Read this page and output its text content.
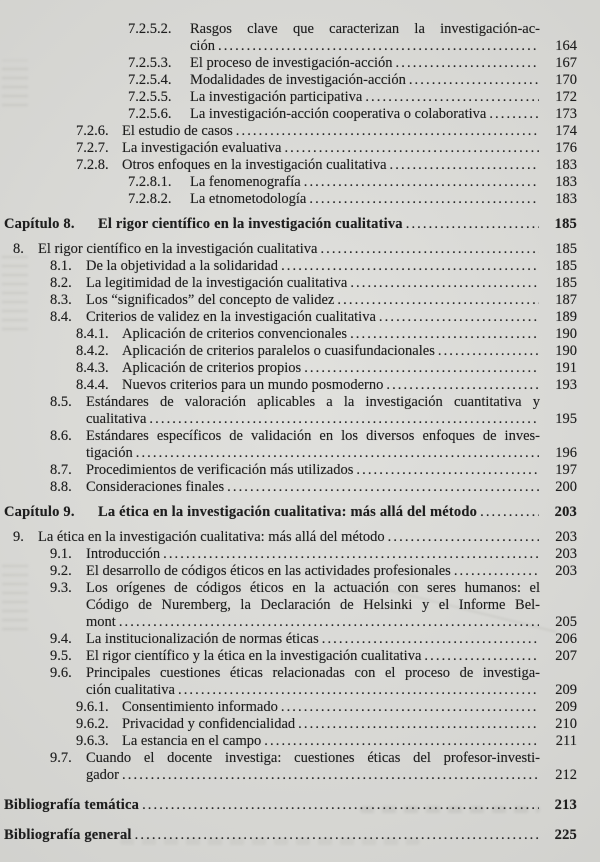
7.2.5.2.	Rasgos clave que caracterizan la investigación-ac-
ción .....	164
7.2.5.3.	El proceso de investigación-acción .....	167
7.2.5.4.	Modalidades de investigación-acción .....	170
7.2.5.5.	La investigación participativa .....	172
7.2.5.6.	La investigación-acción cooperativa o colaborativa .....	173
7.2.6. El estudio de casos .....	174
7.2.7. La investigación evaluativa .....	176
7.2.8. Otros enfoques en la investigación cualitativa .....	183
7.2.8.1.	La fenomenografía .....	183
7.2.8.2.	La etnometodología .....	183
Capítulo 8.	El rigor científico en la investigación cualitativa .....	185
8. El rigor científico en la investigación cualitativa .....	185
8.1. De la objetividad a la solidaridad .....	185
8.2. La legitimidad de la investigación cualitativa .....	185
8.3. Los “significados” del concepto de validez .....	187
8.4. Criterios de validez en la investigación cualitativa .....	189
8.4.1. Aplicación de criterios convencionales .....	190
8.4.2. Aplicación de criterios paralelos o cuasifundacionales .....	190
8.4.3. Aplicación de criterios propios .....	191
8.4.4. Nuevos criterios para un mundo posmoderno .....	193
8.5. Estándares de valoración aplicables a la investigación cuantitativa y
cualitativa .....	195
8.6. Estándares específicos de validación en los diversos enfoques de inves-
tigación .....	196
8.7. Procedimientos de verificación más utilizados .....	197
8.8. Consideraciones finales .....	200
Capítulo 9.	La ética en la investigación cualitativa: más allá del método .....	203
9. La ética en la investigación cualitativa: más allá del método .....	203
9.1. Introducción .....	203
9.2. El desarrollo de códigos éticos en las actividades profesionales .....	203
9.3. Los orígenes de códigos éticos en la actuación con seres humanos: el
Código de Nuremberg, la Declaración de Helsinki y el Informe Bel-
mont .....	205
9.4. La institucionalización de normas éticas .....	206
9.5. El rigor científico y la ética en la investigación cualitativa .....	207
9.6. Principales cuestiones éticas relacionadas con el proceso de investiga-
ción cualitativa .....	209
9.6.1. Consentimiento informado .....	209
9.6.2. Privacidad y confidencialidad .....	210
9.6.3. La estancia en el campo .....	211
9.7. Cuando el docente investiga: cuestiones éticas del profesor-investi-
gador .....	212
Bibliografía temática .....	213
Bibliografía general .....	225
